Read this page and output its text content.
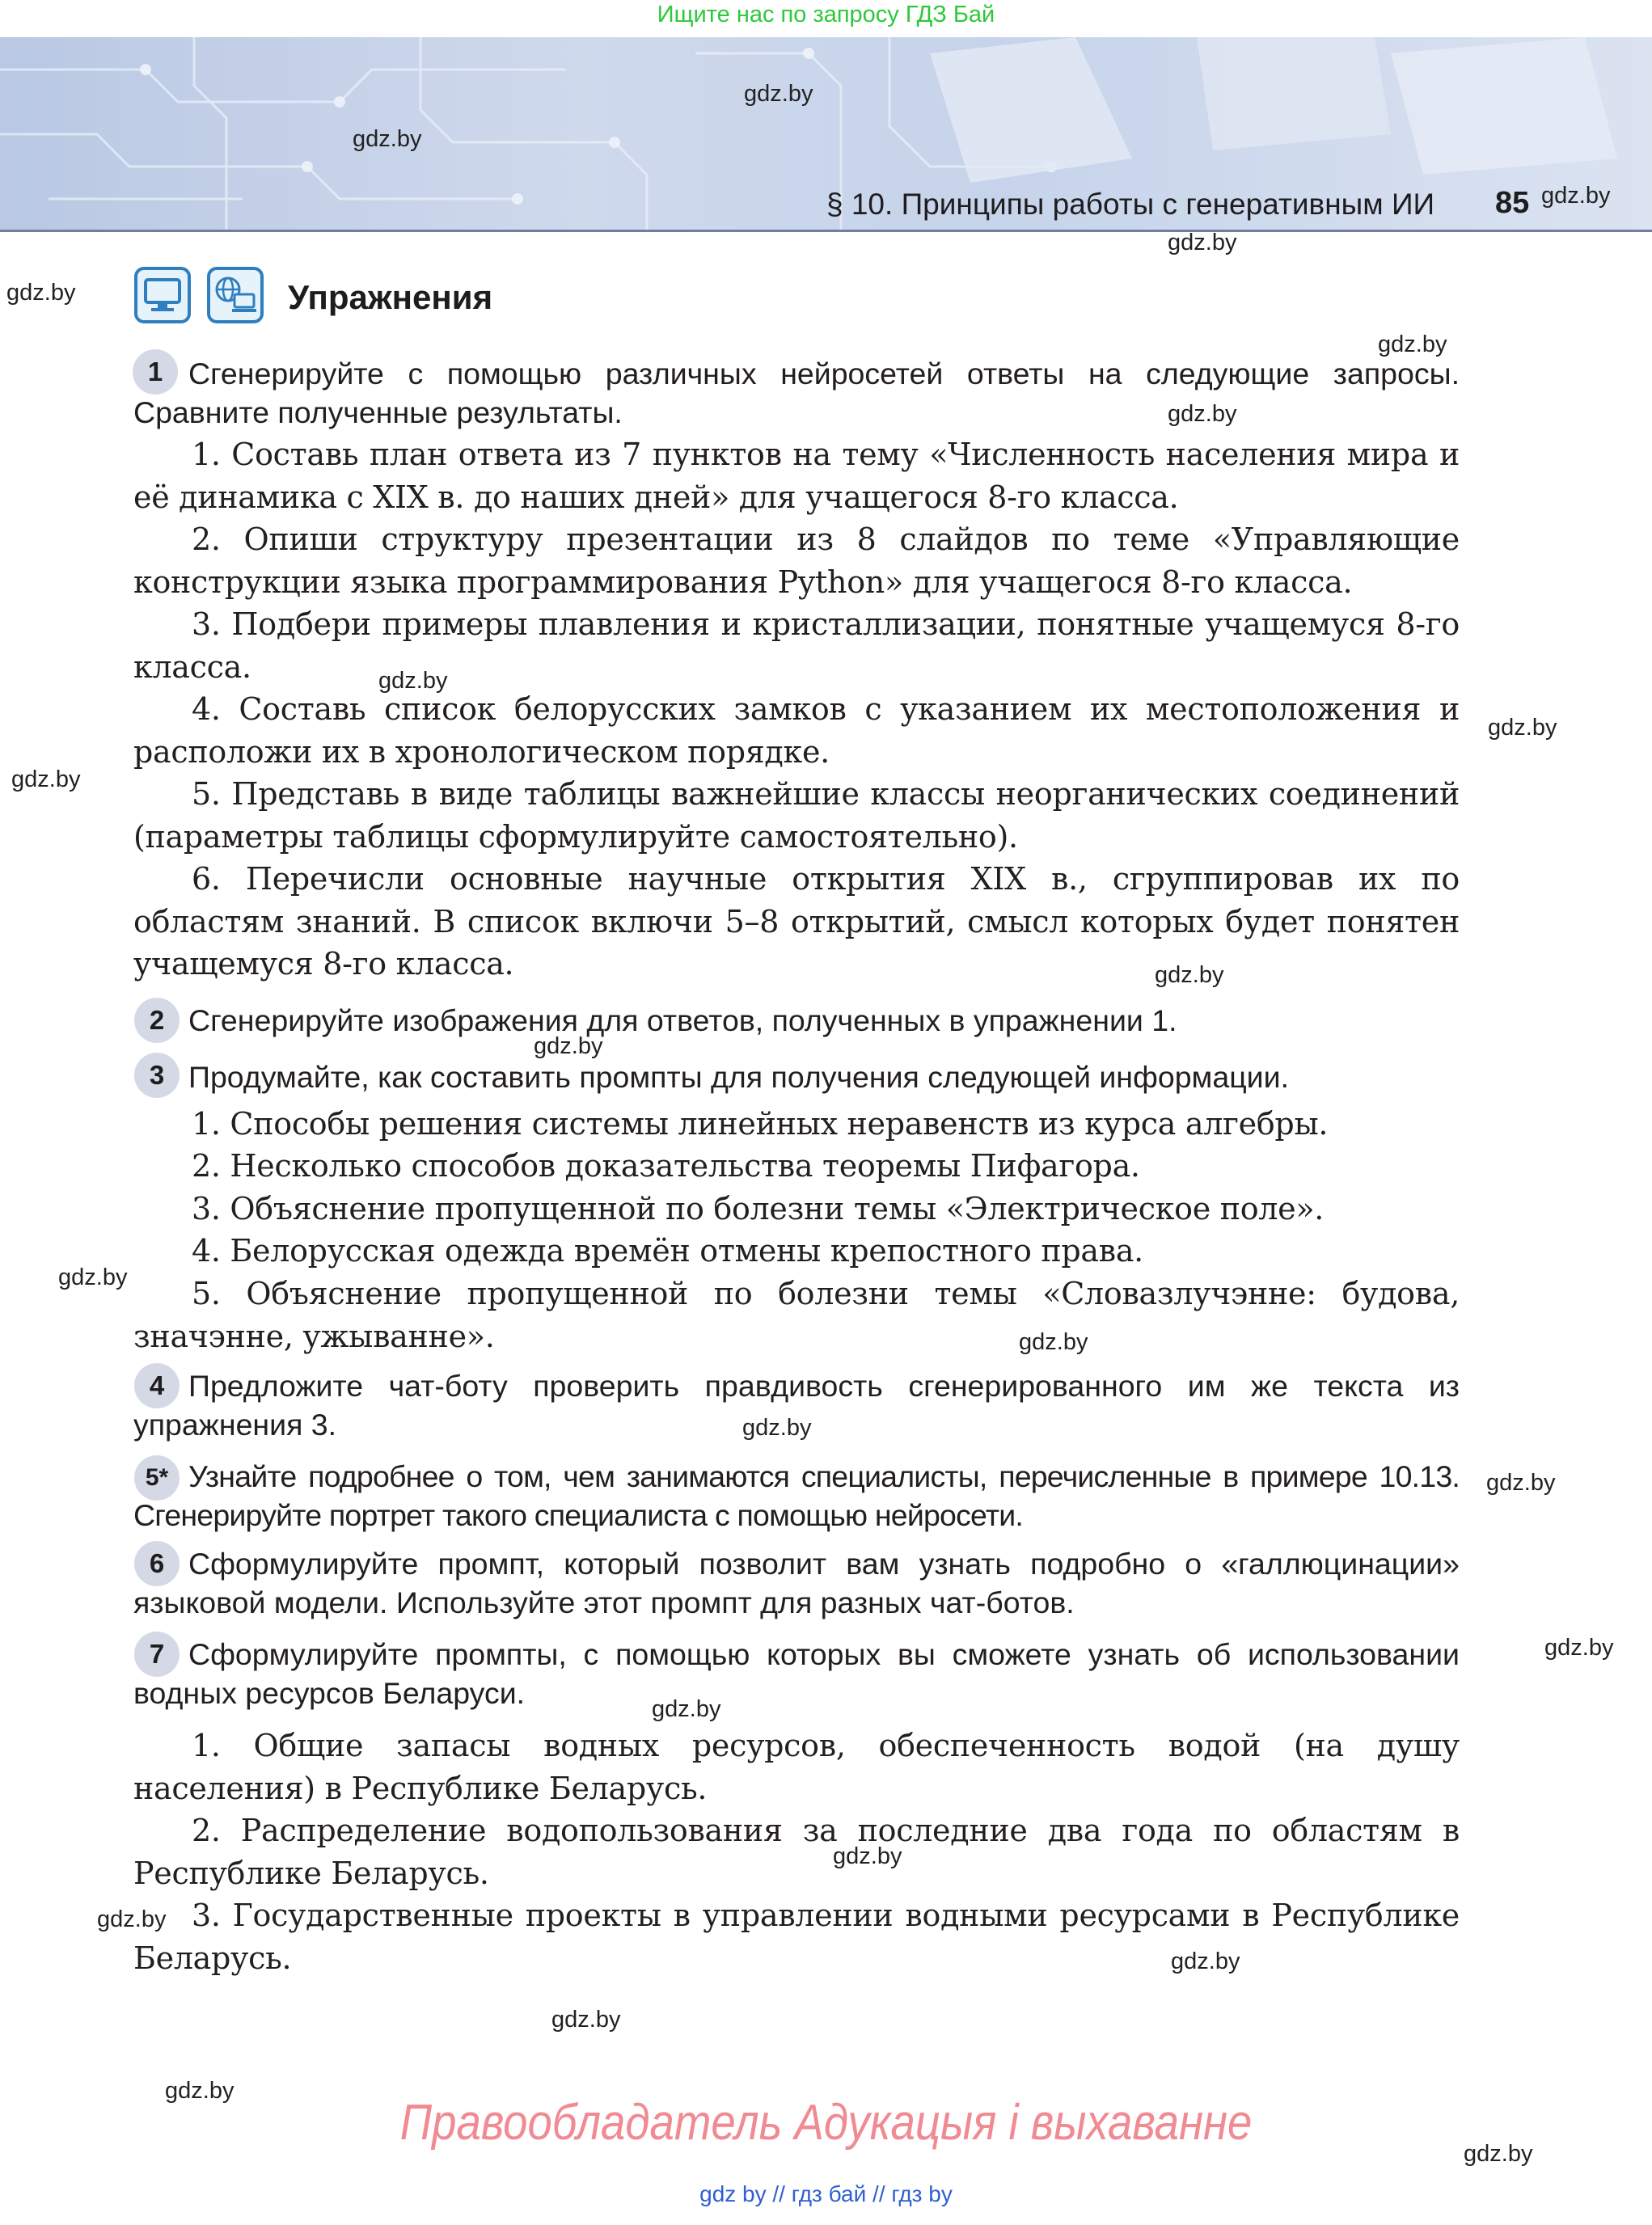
Ищите нас по запросу ГДЗ Бай
§ 10. Принципы работы с генеративным ИИ 85
gdz.by
gdz.by
gdz.by
gdz.by
gdz.by
gdz.by
gdz.by
gdz.by
gdz.by
gdz.by
gdz.by
gdz.by
gdz.by
gdz.by
gdz.by
gdz.by
gdz.by
gdz.by
gdz.by
gdz.by
gdz.by
gdz.by
gdz.by
gdz.by
Упражнения
1 Сгенерируйте с помощью различных нейросетей ответы на следующие запросы. Сравните полученные результаты.

1. Составь план ответа из 7 пунктов на тему «Численность населения мира и её динамика с XIX в. до наших дней» для учащегося 8-го класса.

2. Опиши структуру презентации из 8 слайдов по теме «Управляющие конструкции языка программирования Python» для учащегося 8-го класса.

3. Подбери примеры плавления и кристаллизации, понятные учащемуся 8-го класса.

4. Составь список белорусских замков с указанием их местоположения и расположи их в хронологическом порядке.

5. Представь в виде таблицы важнейшие классы неорганических соединений (параметры таблицы сформулируйте самостоятельно).

6. Перечисли основные научные открытия XIX в., сгруппировав их по областям знаний. В список включи 5–8 открытий, смысл которых будет понятен учащемуся 8-го класса.

2 Сгенерируйте изображения для ответов, полученных в упражнении 1.

3 Продумайте, как составить промпты для получения следующей информации.

1. Способы решения системы линейных неравенств из курса алгебры.

2. Несколько способов доказательства теоремы Пифагора.

3. Объяснение пропущенной по болезни темы «Электрическое поле».

4. Белорусская одежда времён отмены крепостного права.

5. Объяснение пропущенной по болезни темы «Словазлучэнне: будова, значэнне, ужыванне».

4 Предложите чат-боту проверить правдивость сгенерированного им же текста из упражнения 3.

5* Узнайте подробнее о том, чем занимаются специалисты, перечисленные в примере 10.13. Сгенерируйте портрет такого специалиста с помощью нейросети.

6 Сформулируйте промпт, который позволит вам узнать подробно о «галлюцинации» языковой модели. Используйте этот промпт для разных чат-ботов.

7 Сформулируйте промпты, с помощью которых вы сможете узнать об использовании водных ресурсов Беларуси.

1. Общие запасы водных ресурсов, обеспеченность водой (на душу населения) в Республике Беларусь.

2. Распределение водопользования за последние два года по областям в Республике Беларусь.

3. Государственные проекты в управлении водными ресурсами в Республике Беларусь.

Правообладатель Адукацыя і выхаванне
gdz by // гдз бай // гдз by
